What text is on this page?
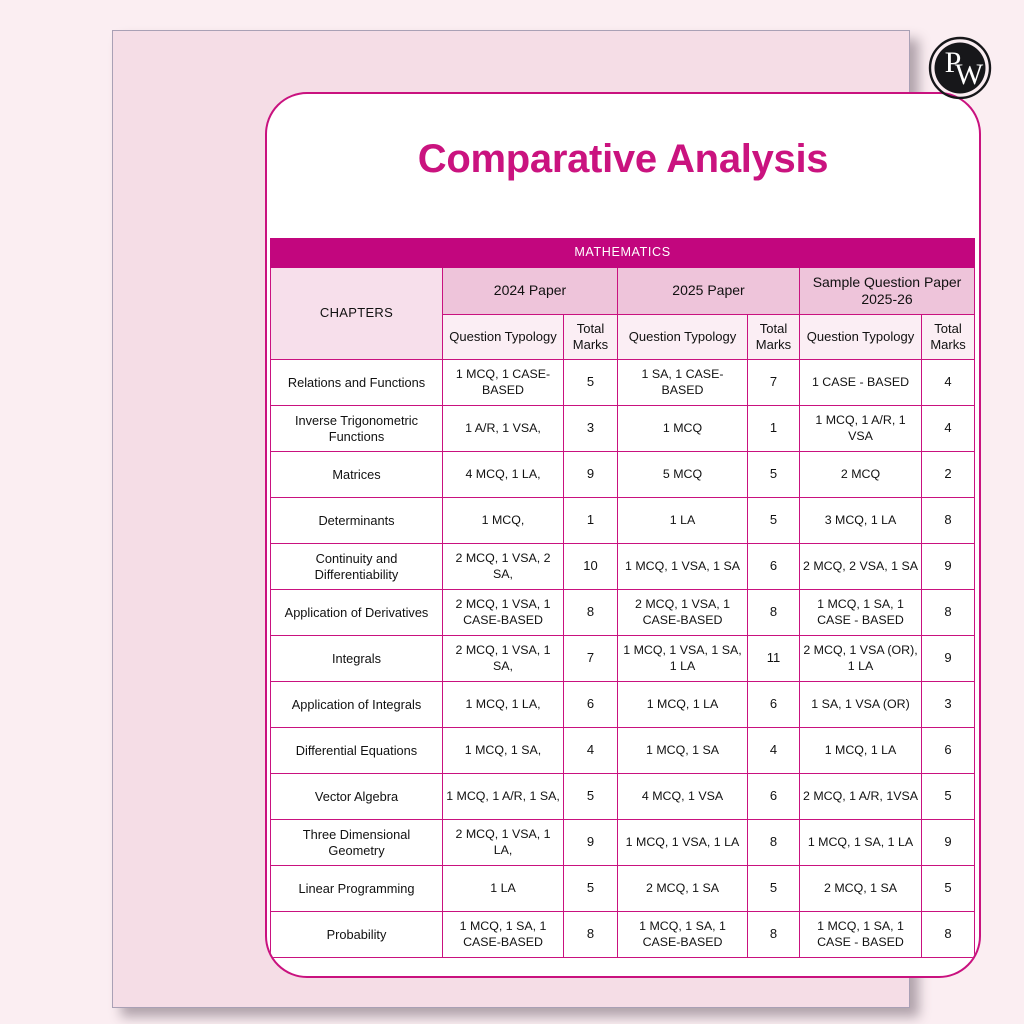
Comparative Analysis
MATHEMATICS						
CHAPTERS	2024 Paper		2025 Paper		Sample Question Paper 2025-26	
	Question Typology	Total Marks	Question Typology	Total Marks	Question Typology	Total Marks
Relations and Functions	1 MCQ, 1 CASE-BASED	5	1 SA, 1 CASE-BASED	7	1 CASE - BASED	4
Inverse Trigonometric Functions	1 A/R, 1 VSA,	3	1 MCQ	1	1 MCQ, 1 A/R, 1 VSA	4
Matrices	4 MCQ, 1 LA,	9	5 MCQ	5	2 MCQ	2
Determinants	1 MCQ,	1	1 LA	5	3 MCQ, 1 LA	8
Continuity and Differentiability	2 MCQ, 1 VSA, 2 SA,	10	1 MCQ, 1 VSA, 1 SA	6	2 MCQ, 2 VSA, 1 SA	9
Application of Derivatives	2 MCQ, 1 VSA, 1 CASE-BASED	8	2 MCQ, 1 VSA, 1 CASE-BASED	8	1 MCQ, 1 SA, 1 CASE - BASED	8
Integrals	2 MCQ, 1 VSA, 1 SA,	7	1 MCQ, 1 VSA, 1 SA, 1 LA	11	2 MCQ, 1 VSA (OR), 1 LA	9
Application of Integrals	1 MCQ, 1 LA,	6	1 MCQ, 1 LA	6	1 SA, 1 VSA (OR)	3
Differential Equations	1 MCQ, 1 SA,	4	1 MCQ, 1 SA	4	1 MCQ, 1 LA	6
Vector Algebra	1 MCQ, 1 A/R, 1 SA,	5	4 MCQ, 1 VSA	6	2 MCQ, 1 A/R, 1VSA	5
Three Dimensional Geometry	2 MCQ, 1 VSA, 1 LA,	9	1 MCQ, 1 VSA, 1 LA	8	1 MCQ, 1 SA, 1 LA	9
Linear Programming	1 LA	5	2 MCQ, 1 SA	5	2 MCQ, 1 SA	5
Probability	1 MCQ, 1 SA, 1 CASE-BASED	8	1 MCQ, 1 SA, 1 CASE-BASED	8	1 MCQ, 1 SA, 1 CASE - BASED	8
P
W
